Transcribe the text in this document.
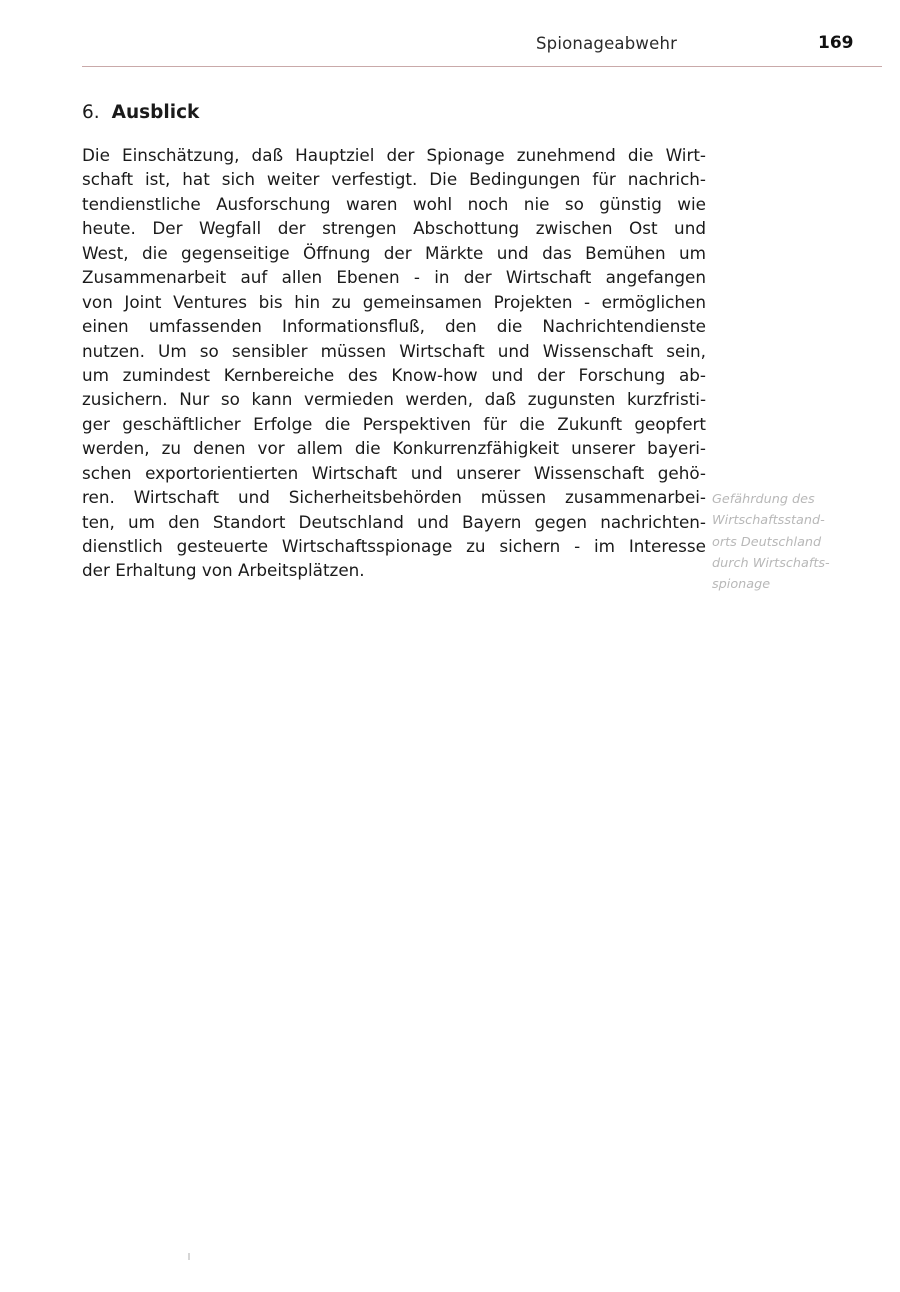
Spionageabwehr	169
6. Ausblick
Die Einschätzung, daß Hauptziel der Spionage zunehmend die Wirt-
schaft ist, hat sich weiter verfestigt. Die Bedingungen für nachrich-
tendienstliche Ausforschung waren wohl noch nie so günstig wie
heute. Der Wegfall der strengen Abschottung zwischen Ost und
West, die gegenseitige Öffnung der Märkte und das Bemühen um
Zusammenarbeit auf allen Ebenen - in der Wirtschaft angefangen
von Joint Ventures bis hin zu gemeinsamen Projekten - ermöglichen
einen umfassenden Informationsfluß, den die Nachrichtendienste
nutzen. Um so sensibler müssen Wirtschaft und Wissenschaft sein,
um zumindest Kernbereiche des Know-how und der Forschung ab-
zusichern. Nur so kann vermieden werden, daß zugunsten kurzfristi-
ger geschäftlicher Erfolge die Perspektiven für die Zukunft geopfert
werden, zu denen vor allem die Konkurrenzfähigkeit unserer bayeri-
schen exportorientierten Wirtschaft und unserer Wissenschaft gehö-
ren. Wirtschaft und Sicherheitsbehörden müssen zusammenarbei-
ten, um den Standort Deutschland und Bayern gegen nachrichten-
dienstlich gesteuerte Wirtschaftsspionage zu sichern - im Interesse
der Erhaltung von Arbeitsplätzen.
Gefährdung des
Wirtschaftsstand-
orts Deutschland
durch Wirtschafts-
spionage
